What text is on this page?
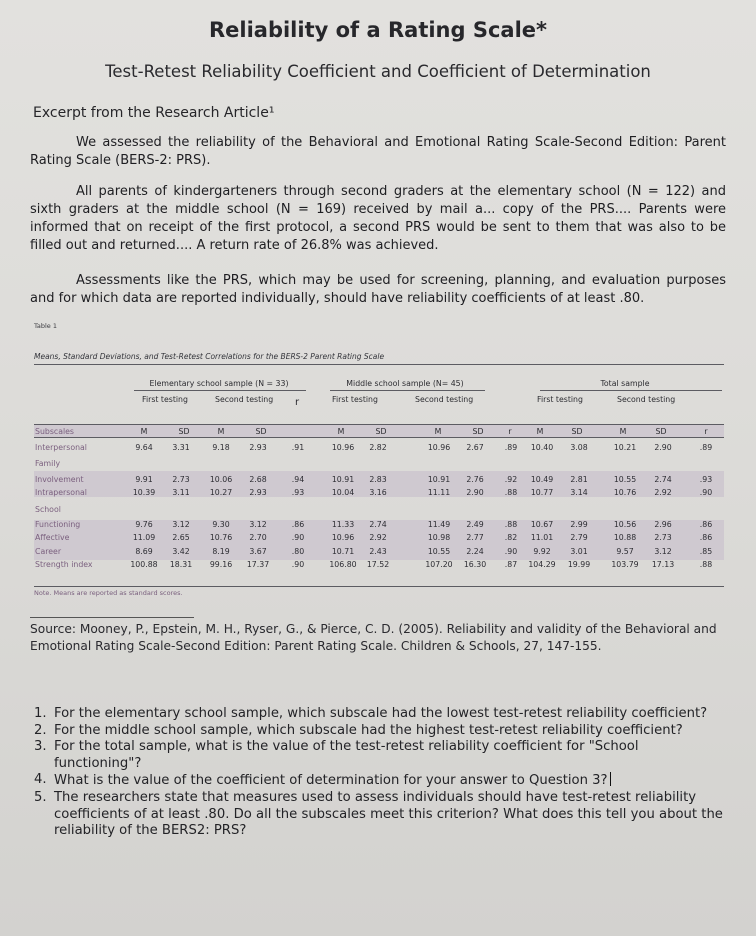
Reliability of a Rating Scale*
Test-Retest Reliability Coefficient and Coefficient of Determination
Excerpt from the Research Article¹
We assessed the reliability of the Behavioral and Emotional Rating Scale-Second Edition: Parent Rating Scale (BERS-2: PRS).
All parents of kindergarteners through second graders at the elementary school (N = 122) and sixth graders at the middle school (N = 169) received by mail a... copy of the PRS.... Parents were informed that on receipt of the first protocol, a second PRS would be sent to them that was also to be filled out and returned.... A return rate of 26.8% was achieved.
Assessments like the PRS, which may be used for screening, planning, and evaluation purposes and for which data are reported individually, should have reliability coefficients of at least .80.
Table 1
Means, Standard Deviations, and Test-Retest Correlations for the BERS-2 Parent Rating Scale
Elementary school sample (N = 33)	Middle school sample (N= 45)	Total sample
First testing	Second testing	First testing	Second testing	First testing	Second testing
r
Subscales	M	SD	M	SD	M	SD	M	SD	r	M	SD	M	SD	r
Interpersonal	9.64	3.31	9.18	2.93	.91	10.96	2.82	10.96	2.67	.89	10.40	3.08	10.21	2.90	.89
Family
Involvement	9.91	2.73	10.06	2.68	.94	10.91	2.83	10.91	2.76	.92	10.49	2.81	10.55	2.74	.93
Intrapersonal	10.39	3.11	10.27	2.93	.93	10.04	3.16	11.11	2.90	.88	10.77	3.14	10.76	2.92	.90
School
Functioning	9.76	3.12	9.30	3.12	.86	11.33	2.74	11.49	2.49	.88	10.67	2.99	10.56	2.96	.86
Affective	11.09	2.65	10.76	2.70	.90	10.96	2.92	10.98	2.77	.82	11.01	2.79	10.88	2.73	.86
Career	8.69	3.42	8.19	3.67	.80	10.71	2.43	10.55	2.24	.90	9.92	3.01	9.57	3.12	.85
Strength index	100.88	18.31	99.16	17.37	.90	106.80	17.52	107.20	16.30	.87	104.29	19.99	103.79	17.13	.88
Note. Means are reported as standard scores.
Source: Mooney, P., Epstein, M. H., Ryser, G., & Pierce, C. D. (2005). Reliability and validity of the Behavioral and Emotional Rating Scale-Second Edition: Parent Rating Scale. Children & Schools, 27, 147-155.
1. For the elementary school sample, which subscale had the lowest test-retest reliability coefficient?
2. For the middle school sample, which subscale had the highest test-retest reliability coefficient?
3. For the total sample, what is the value of the test-retest reliability coefficient for "School functioning"?
4. What is the value of the coefficient of determination for your answer to Question 3?
5. The researchers state that measures used to assess individuals should have test-retest reliability coefficients of at least .80. Do all the subscales meet this criterion? What does this tell you about the reliability of the BERS2: PRS?
